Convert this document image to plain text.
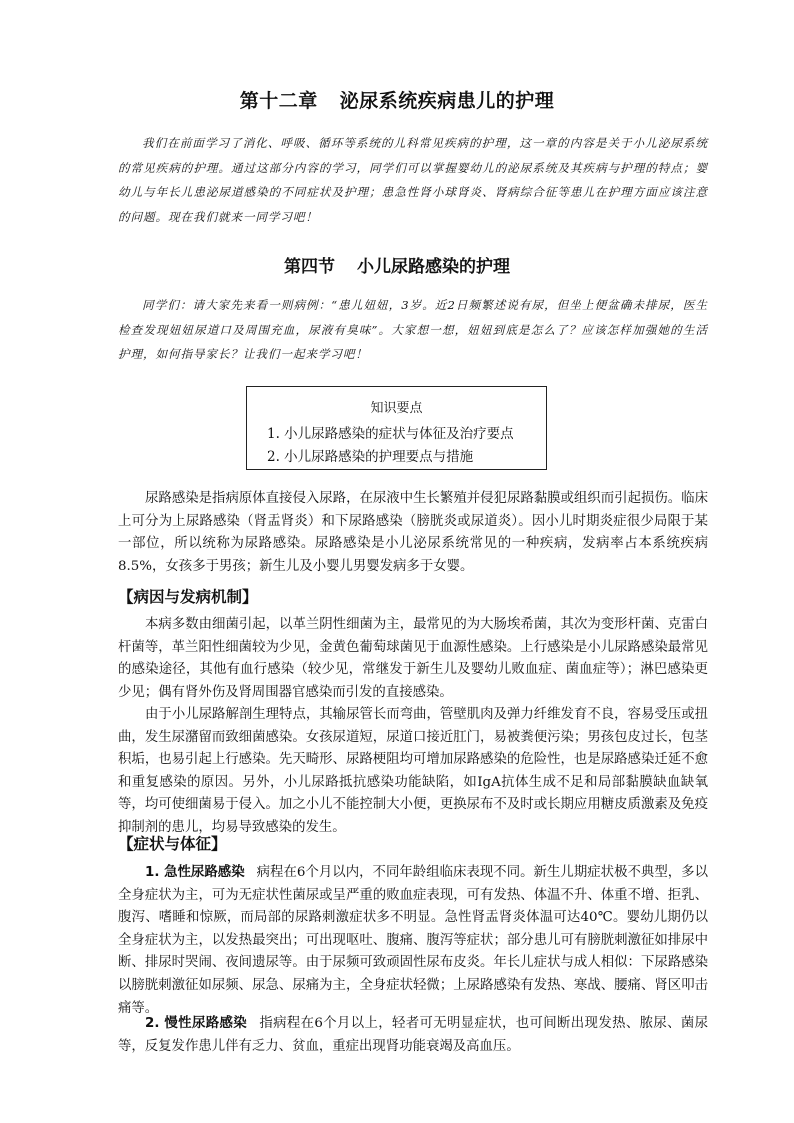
第十二章 泌尿系统疾病患儿的护理

我们在前面学习了消化、呼吸、循环等系统的儿科常见疾病的护理，这一章的内容是关于小儿泌尿系统的常见疾病的护理。通过这部分内容的学习，同学们可以掌握婴幼儿的泌尿系统及其疾病与护理的特点；婴幼儿与年长儿患泌尿道感染的不同症状及护理；患急性肾小球肾炎、肾病综合征等患儿在护理方面应该注意的问题。现在我们就来一同学习吧！

第四节 小儿尿路感染的护理

同学们：请大家先来看一则病例：“患儿妞妞，3岁。近2日频繁述说有尿，但坐上便盆确未排尿，医生检查发现妞妞尿道口及周围充血，尿液有臭味”。大家想一想，妞妞到底是怎么了？应该怎样加强她的生活护理，如何指导家长？让我们一起来学习吧！

知识要点
1. 小儿尿路感染的症状与体征及治疗要点
2. 小儿尿路感染的护理要点与措施

尿路感染是指病原体直接侵入尿路，在尿液中生长繁殖并侵犯尿路黏膜或组织而引起损伤。临床上可分为上尿路感染（肾盂肾炎）和下尿路感染（膀胱炎或尿道炎）。因小儿时期炎症很少局限于某一部位，所以统称为尿路感染。尿路感染是小儿泌尿系统常见的一种疾病，发病率占本系统疾病8.5%，女孩多于男孩；新生儿及小婴儿男婴发病多于女婴。

【病因与发病机制】

本病多数由细菌引起，以革兰阴性细菌为主，最常见的为大肠埃希菌，其次为变形杆菌、克雷白杆菌等，革兰阳性细菌较为少见，金黄色葡萄球菌见于血源性感染。上行感染是小儿尿路感染最常见的感染途径，其他有血行感染（较少见，常继发于新生儿及婴幼儿败血症、菌血症等）；淋巴感染更少见；偶有肾外伤及肾周围器官感染而引发的直接感染。

由于小儿尿路解剖生理特点，其输尿管长而弯曲，管壁肌肉及弹力纤维发育不良，容易受压或扭曲，发生尿潴留而致细菌感染。女孩尿道短，尿道口接近肛门，易被粪便污染；男孩包皮过长，包茎积垢，也易引起上行感染。先天畸形、尿路梗阻均可增加尿路感染的危险性，也是尿路感染迁延不愈和重复感染的原因。另外，小儿尿路抵抗感染功能缺陷，如IgA抗体生成不足和局部黏膜缺血缺氧等，均可使细菌易于侵入。加之小儿不能控制大小便，更换尿布不及时或长期应用糖皮质激素及免疫抑制剂的患儿，均易导致感染的发生。

【症状与体征】

1. 急性尿路感染 病程在6个月以内，不同年龄组临床表现不同。新生儿期症状极不典型，多以全身症状为主，可为无症状性菌尿或呈严重的败血症表现，可有发热、体温不升、体重不增、拒乳、腹泻、嗜睡和惊厥，而局部的尿路刺激症状多不明显。急性肾盂肾炎体温可达40℃。婴幼儿期仍以全身症状为主，以发热最突出；可出现呕吐、腹痛、腹泻等症状；部分患儿可有膀胱刺激征如排尿中断、排尿时哭闹、夜间遗尿等。由于尿频可致顽固性尿布皮炎。年长儿症状与成人相似：下尿路感染以膀胱刺激征如尿频、尿急、尿痛为主，全身症状轻微；上尿路感染有发热、寒战、腰痛、肾区叩击痛等。

2. 慢性尿路感染 指病程在6个月以上，轻者可无明显症状，也可间断出现发热、脓尿、菌尿等，反复发作患儿伴有乏力、贫血，重症出现肾功能衰竭及高血压。
